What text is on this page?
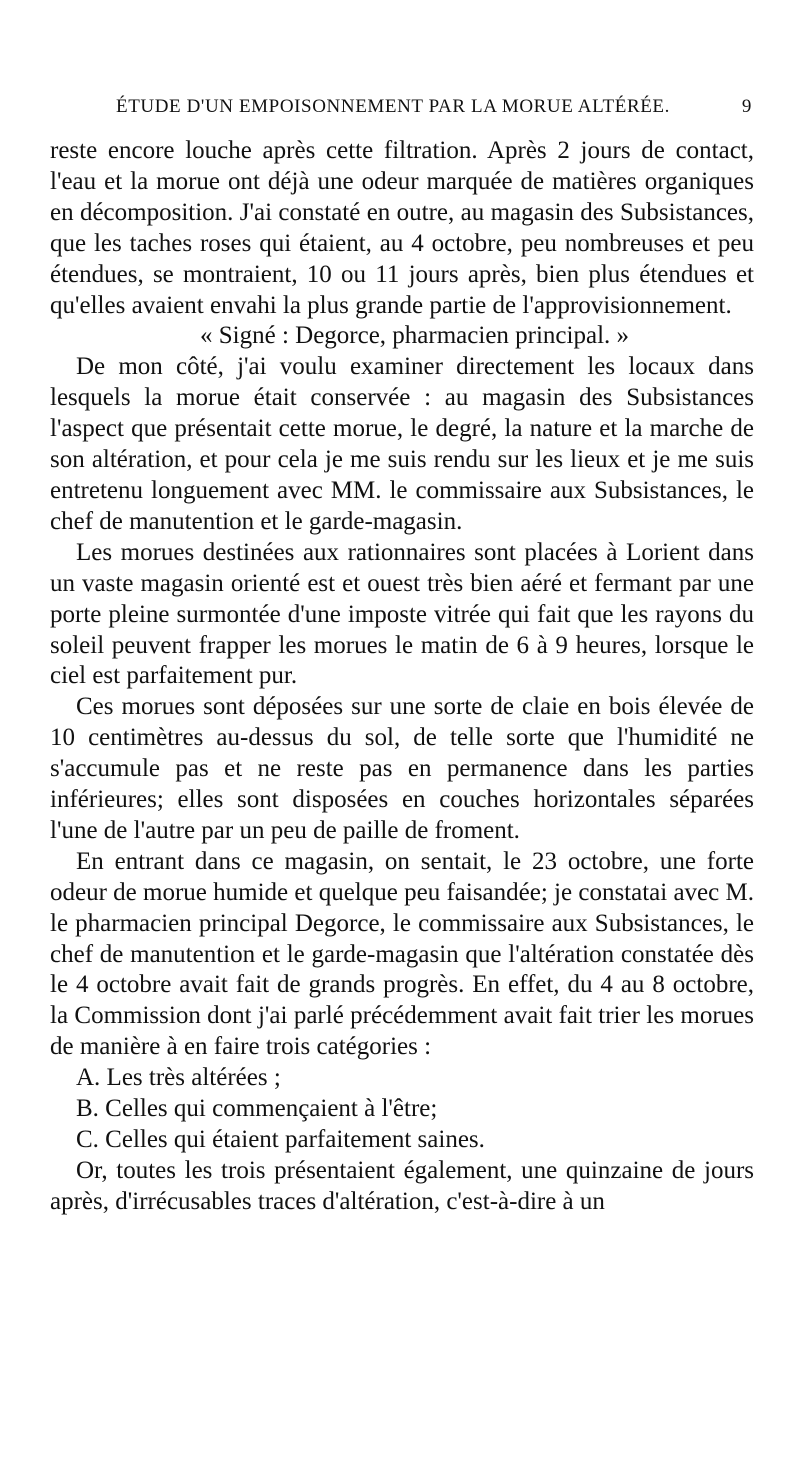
ÉTUDE D'UN EMPOISONNEMENT PAR LA MORUE ALTÉRÉE.	9

reste encore louche après cette filtration. Après 2 jours de contact, l'eau et la morue ont déjà une odeur marquée de matières organiques en décomposition. J'ai constaté en outre, au magasin des Subsistances, que les taches roses qui étaient, au 4 octobre, peu nombreuses et peu étendues, se montraient, 10 ou 11 jours après, bien plus étendues et qu'elles avaient envahi la plus grande partie de l'approvisionnement.

« Signé : Degorce, pharmacien principal. »

De mon côté, j'ai voulu examiner directement les locaux dans lesquels la morue était conservée : au magasin des Subsistances l'aspect que présentait cette morue, le degré, la nature et la marche de son altération, et pour cela je me suis rendu sur les lieux et je me suis entretenu longuement avec MM. le commissaire aux Subsistances, le chef de manutention et le garde-magasin.

Les morues destinées aux rationnaires sont placées à Lorient dans un vaste magasin orienté est et ouest très bien aéré et fermant par une porte pleine surmontée d'une imposte vitrée qui fait que les rayons du soleil peuvent frapper les morues le matin de 6 à 9 heures, lorsque le ciel est parfaitement pur.

Ces morues sont déposées sur une sorte de claie en bois élevée de 10 centimètres au-dessus du sol, de telle sorte que l'humidité ne s'accumule pas et ne reste pas en permanence dans les parties inférieures; elles sont disposées en couches horizontales séparées l'une de l'autre par un peu de paille de froment.

En entrant dans ce magasin, on sentait, le 23 octobre, une forte odeur de morue humide et quelque peu faisandée; je constatai avec M. le pharmacien principal Degorce, le commissaire aux Subsistances, le chef de manutention et le garde-magasin que l'altération constatée dès le 4 octobre avait fait de grands progrès. En effet, du 4 au 8 octobre, la Commission dont j'ai parlé précédemment avait fait trier les morues de manière à en faire trois catégories :

A. Les très altérées ;

B. Celles qui commençaient à l'être;

C. Celles qui étaient parfaitement saines.

Or, toutes les trois présentaient également, une quinzaine de jours après, d'irrécusables traces d'altération, c'est-à-dire à un
